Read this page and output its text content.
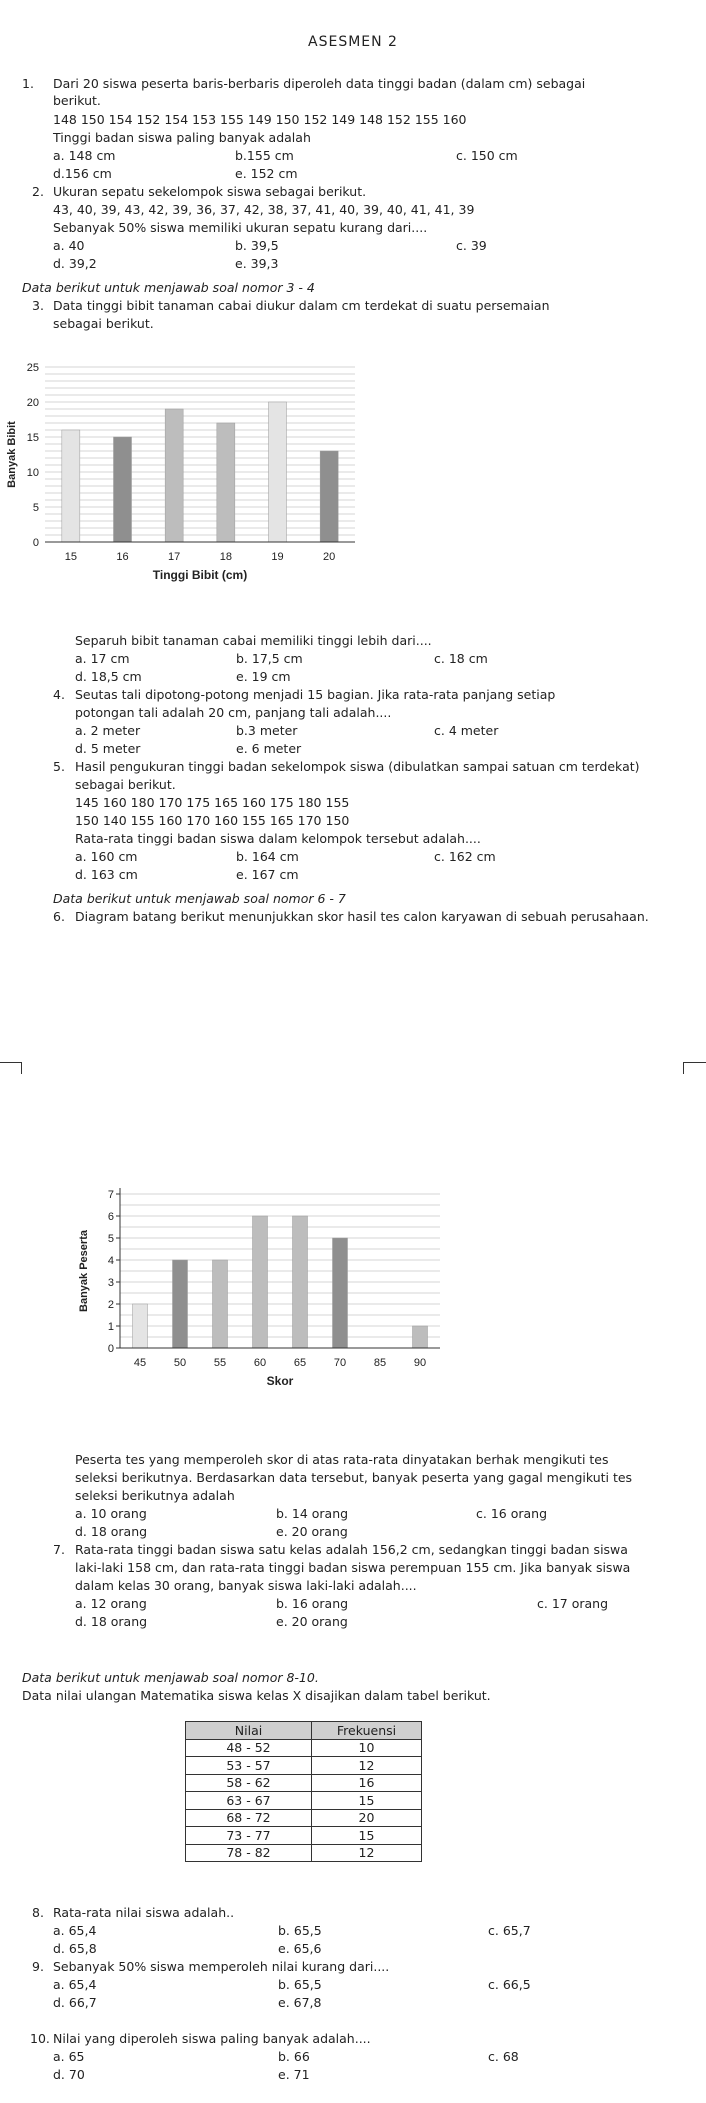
ASESMEN 2
1. Dari 20 siswa peserta baris-berbaris diperoleh data tinggi badan (dalam cm) sebagai
berikut.
148 150 154 152 154 153 155 149 150 152 149 148 152 155 160
Tinggi badan siswa paling banyak adalah
a. 148 cm	b.155 cm	c. 150 cm
d.156 cm	e. 152 cm
2. Ukuran sepatu sekelompok siswa sebagai berikut.
43, 40, 39, 43, 42, 39, 36, 37, 42, 38, 37, 41, 40, 39, 40, 41, 41, 39
Sebanyak 50% siswa memiliki ukuran sepatu kurang dari....
a. 40	b. 39,5	c. 39
d. 39,2	e. 39,3
Data berikut untuk menjawab soal nomor 3 - 4
3. Data tinggi bibit tanaman cabai diukur dalam cm terdekat di suatu persemaian
sebagai berikut.
0
5
10
15
20
25
15	16	17	18	19	20
Tinggi Bibit (cm)
Banyak Bibit
Separuh bibit tanaman cabai memiliki tinggi lebih dari....
a. 17 cm	b. 17,5 cm	c. 18 cm
d. 18,5 cm	e. 19 cm
4. Seutas tali dipotong-potong menjadi 15 bagian. Jika rata-rata panjang setiap
potongan tali adalah 20 cm, panjang tali adalah....
a. 2 meter	b.3 meter	c. 4 meter
d. 5 meter	e. 6 meter
5. Hasil pengukuran tinggi badan sekelompok siswa (dibulatkan sampai satuan cm terdekat)
sebagai berikut.
145 160 180 170 175 165 160 175 180 155
150 140 155 160 170 160 155 165 170 150
Rata-rata tinggi badan siswa dalam kelompok tersebut adalah....
a. 160 cm	b. 164 cm	c. 162 cm
d. 163 cm	e. 167 cm
Data berikut untuk menjawab soal nomor 6 - 7
6. Diagram batang berikut menunjukkan skor hasil tes calon karyawan di sebuah perusahaan.
0
1
2
3
4
5
6
7
45	50	55	60	65	70	85	90
Skor
Banyak Peserta
Peserta tes yang memperoleh skor di atas rata-rata dinyatakan berhak mengikuti tes
seleksi berikutnya. Berdasarkan data tersebut, banyak peserta yang gagal mengikuti tes
seleksi berikutnya adalah
a. 10 orang	b. 14 orang	c. 16 orang
d. 18 orang	e. 20 orang
7. Rata-rata tinggi badan siswa satu kelas adalah 156,2 cm, sedangkan tinggi badan siswa
laki-laki 158 cm, dan rata-rata tinggi badan siswa perempuan 155 cm. Jika banyak siswa
dalam kelas 30 orang, banyak siswa laki-laki adalah....
a. 12 orang	b. 16 orang	c. 17 orang
d. 18 orang	e. 20 orang
Data berikut untuk menjawab soal nomor 8-10.
Data nilai ulangan Matematika siswa kelas X disajikan dalam tabel berikut.
Nilai	Frekuensi
48 - 52	10
53 - 57	12
58 - 62	16
63 - 67	15
68 - 72	20
73 - 77	15
78 - 82	12
8. Rata-rata nilai siswa adalah..
a. 65,4	b. 65,5	c. 65,7
d. 65,8	e. 65,6
9. Sebanyak 50% siswa memperoleh nilai kurang dari....
a. 65,4	b. 65,5	c. 66,5
d. 66,7	e. 67,8
10. Nilai yang diperoleh siswa paling banyak adalah....
a. 65	b. 66	c. 68
d. 70	e. 71
